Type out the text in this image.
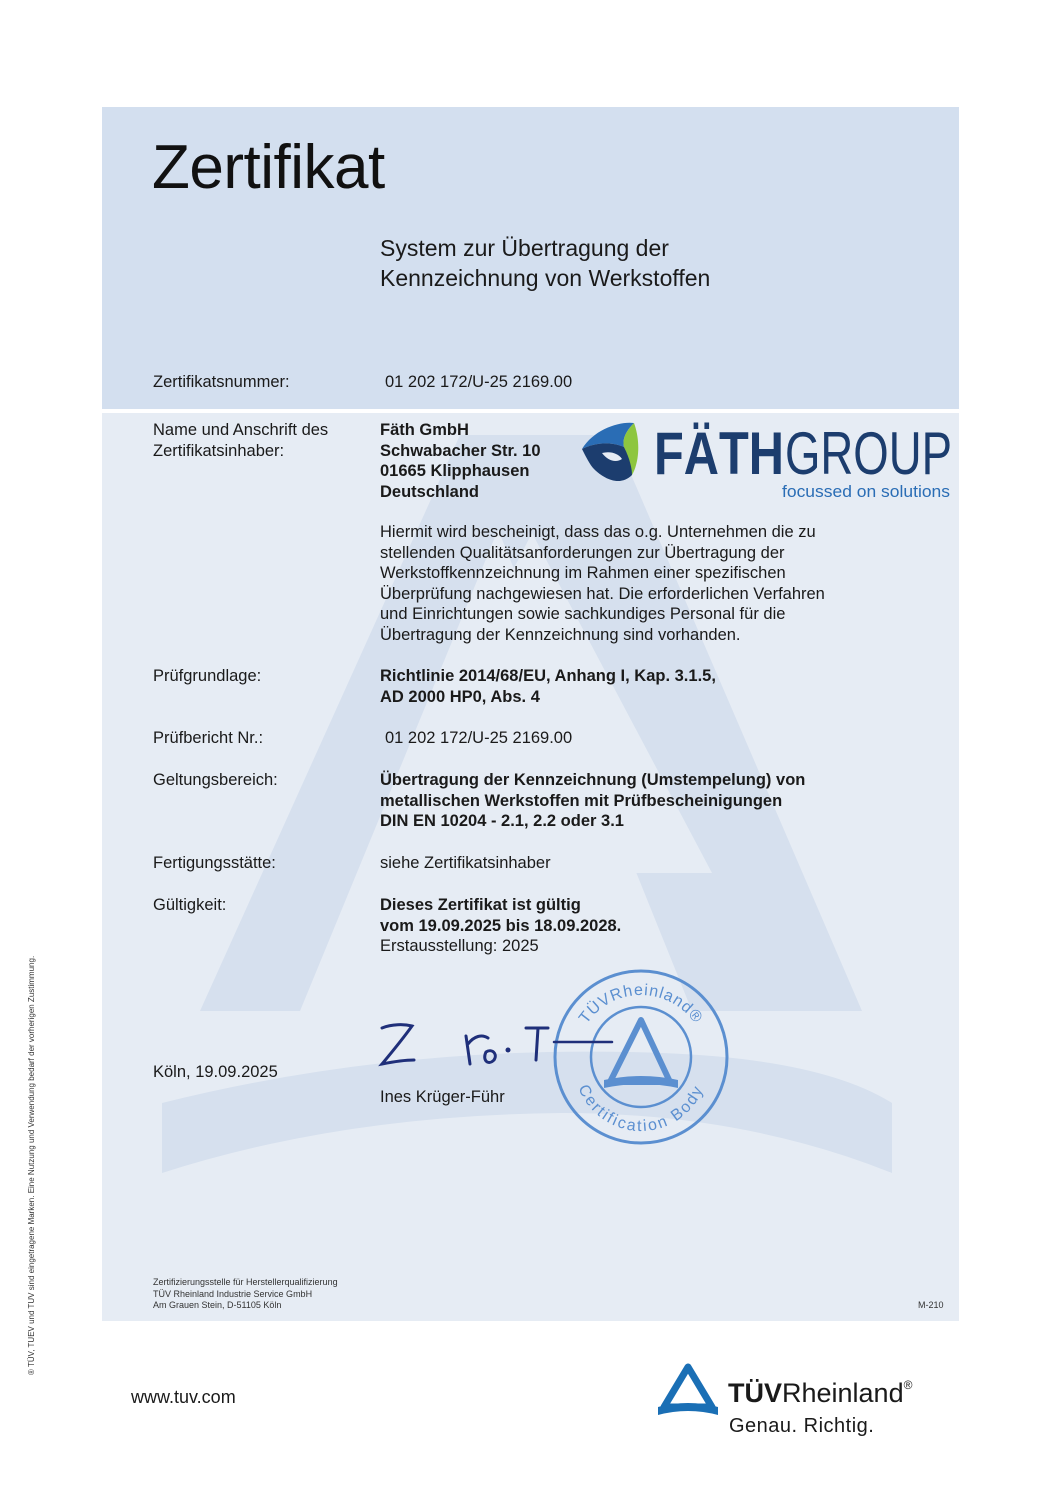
Zertifikat
System zur Übertragung der
Kennzeichnung von Werkstoffen
Zertifikatsnummer:	01 202 172/U-25 2169.00
Name und Anschrift des
Zertifikatsinhaber:
Fäth GmbH
Schwabacher Str. 10
01665 Klipphausen
Deutschland
FÄTH GROUP
focussed on solutions
Hiermit wird bescheinigt, dass das o.g. Unternehmen die zu
stellenden Qualitätsanforderungen zur Übertragung der
Werkstoffkennzeichnung im Rahmen einer spezifischen
Überprüfung nachgewiesen hat. Die erforderlichen Verfahren
und Einrichtungen sowie sachkundiges Personal für die
Übertragung der Kennzeichnung sind vorhanden.
Prüfgrundlage:	Richtlinie 2014/68/EU, Anhang I, Kap. 3.1.5,
AD 2000 HP0, Abs. 4
Prüfbericht Nr.:	01 202 172/U-25 2169.00
Geltungsbereich:	Übertragung der Kennzeichnung (Umstempelung) von
metallischen Werkstoffen mit Prüfbescheinigungen
DIN EN 10204 - 2.1, 2.2 oder 3.1
Fertigungsstätte:	siehe Zertifikatsinhaber
Gültigkeit:	Dieses Zertifikat ist gültig
vom 19.09.2025 bis 18.09.2028.
Erstausstellung: 2025
TÜVRheinland®
Certification Body
Köln, 19.09.2025
Ines Krüger-Führ
Zertifizierungsstelle für Herstellerqualifizierung
TÜV Rheinland Industrie Service GmbH
Am Grauen Stein, D-51105 Köln	M-210
® TÜV, TUEV und TUV sind eingetragene Marken. Eine Nutzung und Verwendung bedarf der vorherigen Zustimmung.
www.tuv.com	TÜVRheinland®
Genau. Richtig.
